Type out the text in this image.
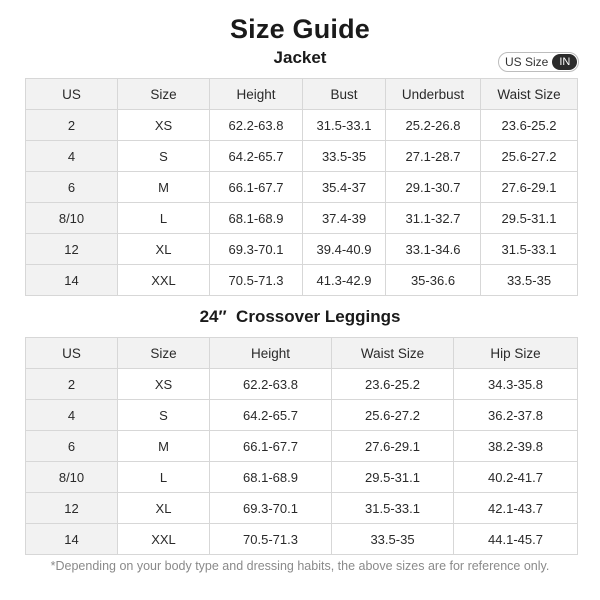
Size Guide
Jacket	US Size	IN
US	Size	Height	Bust	Underbust	Waist Size
2	XS	62.2-63.8	31.5-33.1	25.2-26.8	23.6-25.2
4	S	64.2-65.7	33.5-35	27.1-28.7	25.6-27.2
6	M	66.1-67.7	35.4-37	29.1-30.7	27.6-29.1
8/10	L	68.1-68.9	37.4-39	31.1-32.7	29.5-31.1
12	XL	69.3-70.1	39.4-40.9	33.1-34.6	31.5-33.1
14	XXL	70.5-71.3	41.3-42.9	35-36.6	33.5-35
24″  Crossover Leggings
US	Size	Height	Waist Size	Hip Size
2	XS	62.2-63.8	23.6-25.2	34.3-35.8
4	S	64.2-65.7	25.6-27.2	36.2-37.8
6	M	66.1-67.7	27.6-29.1	38.2-39.8
8/10	L	68.1-68.9	29.5-31.1	40.2-41.7
12	XL	69.3-70.1	31.5-33.1	42.1-43.7
14	XXL	70.5-71.3	33.5-35	44.1-45.7
*Depending on your body type and dressing habits, the above sizes are for reference only.
